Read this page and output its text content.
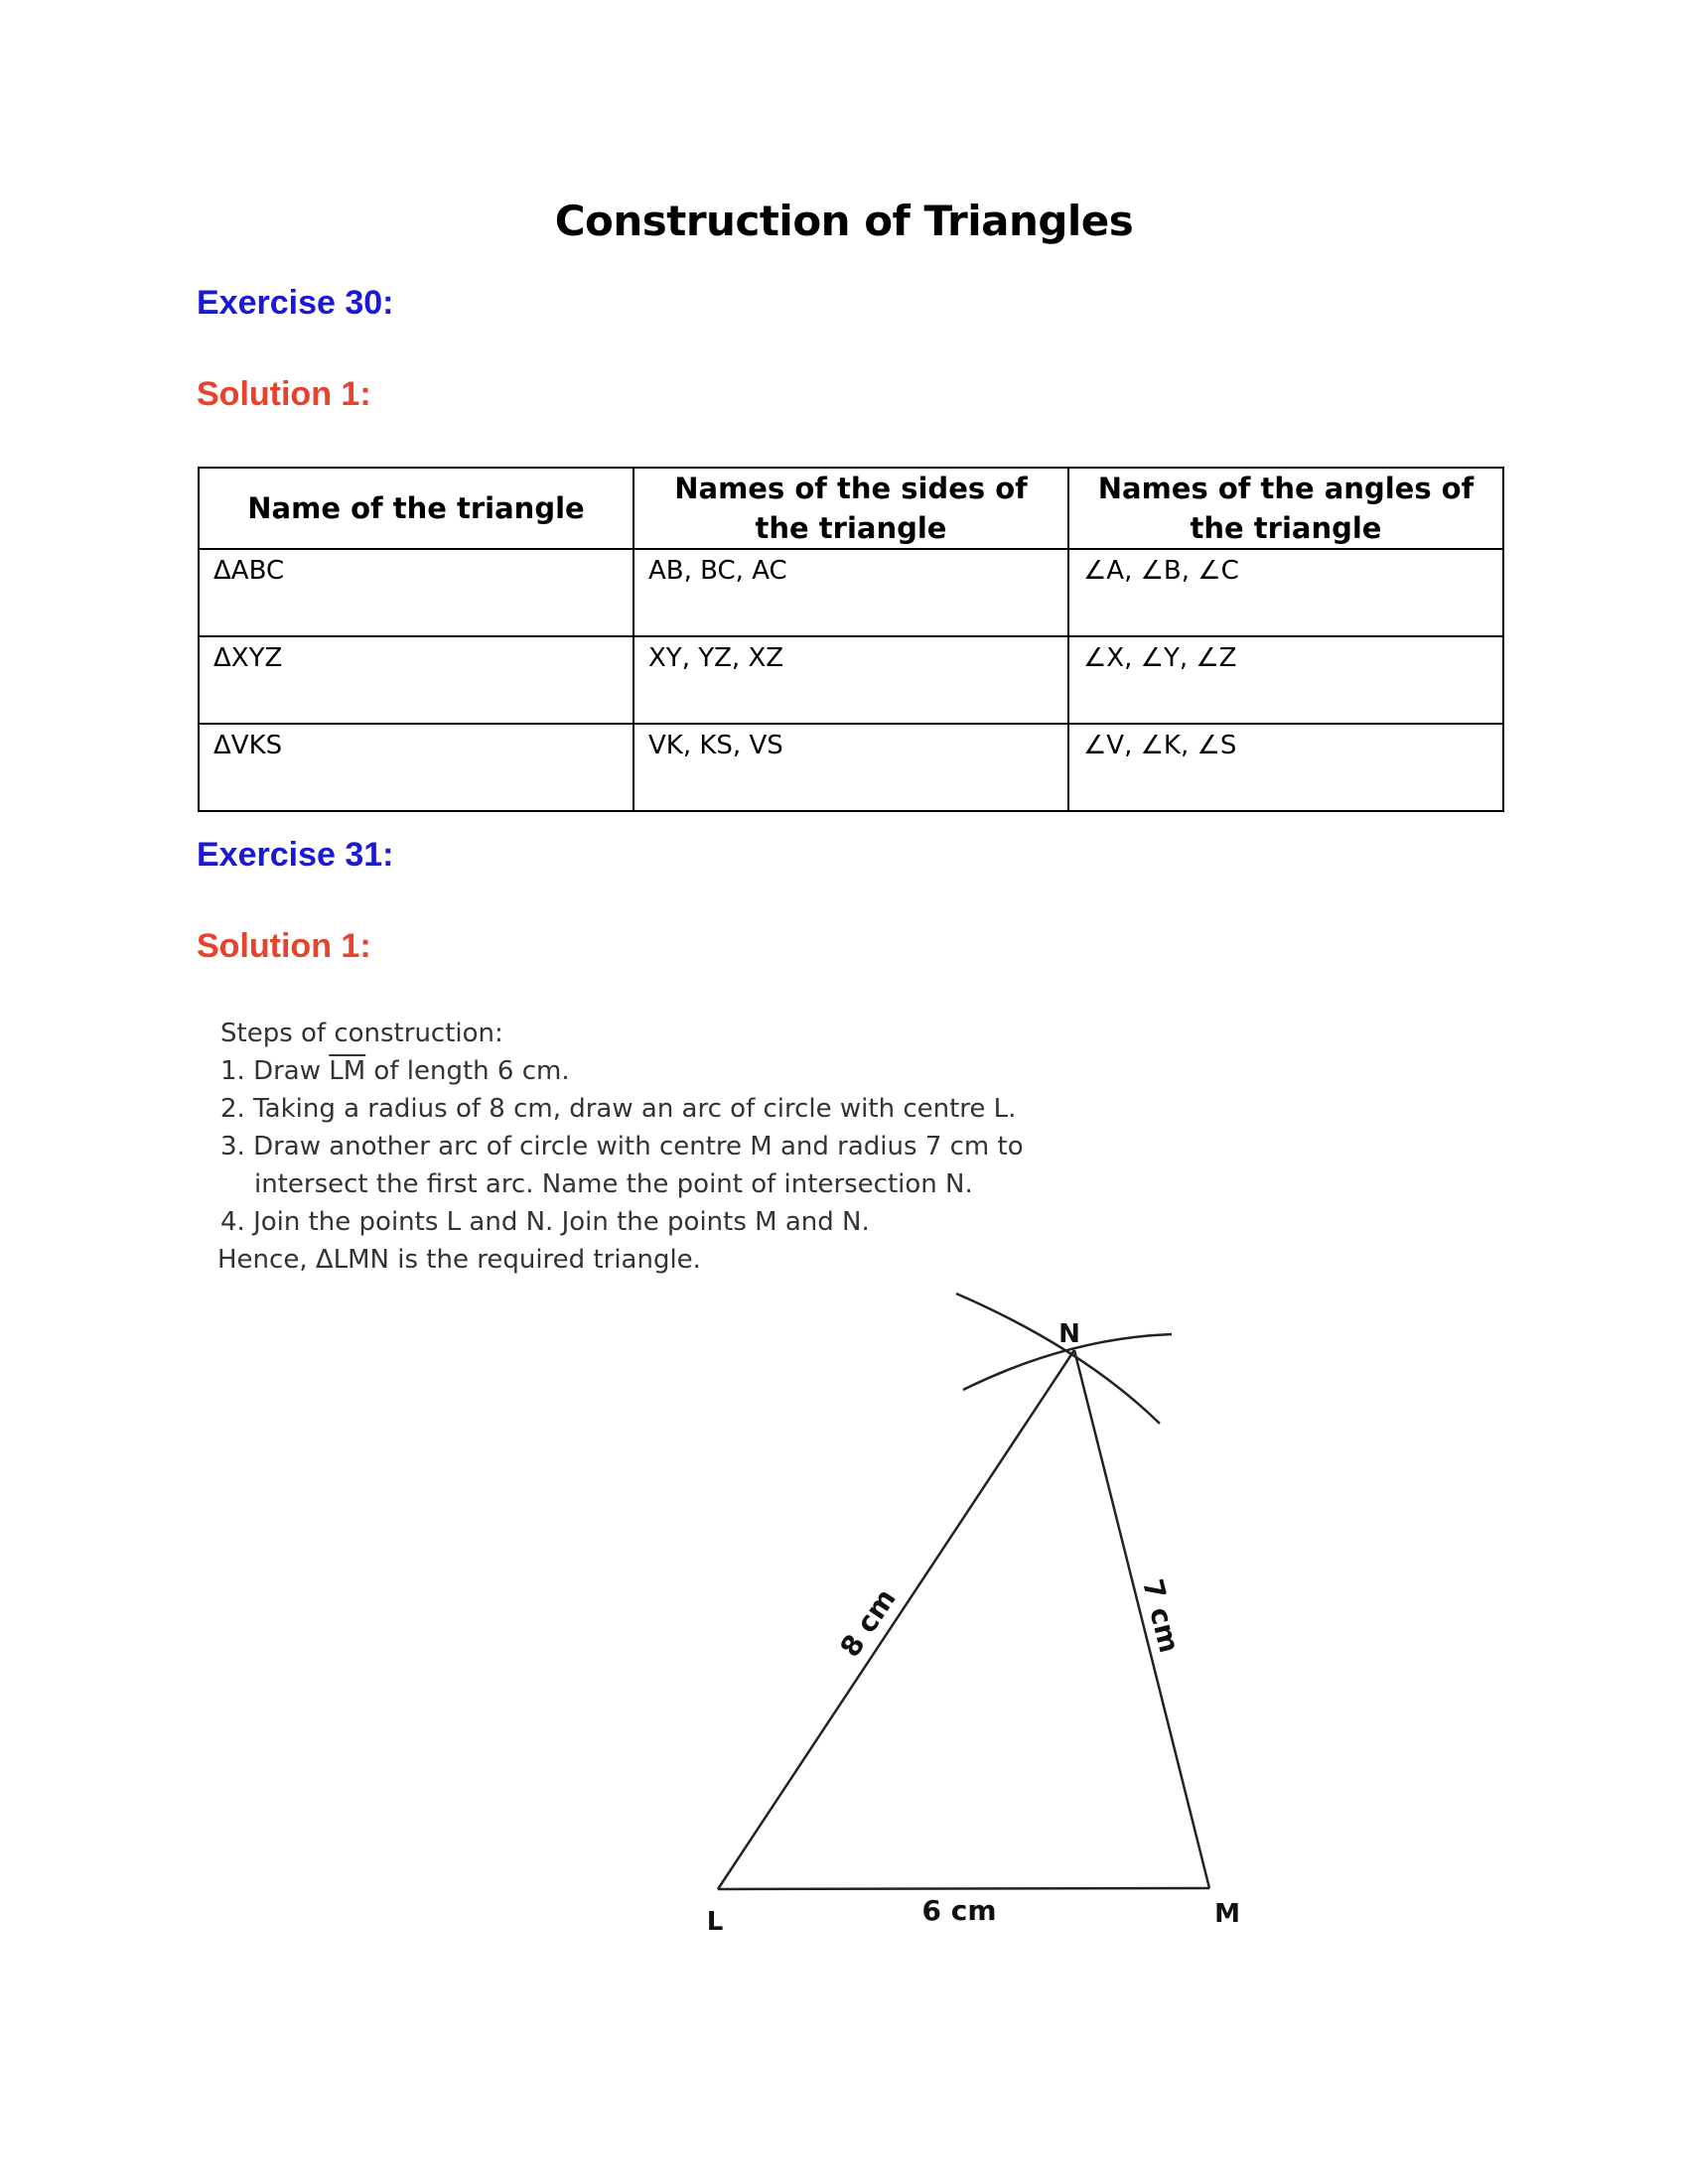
Construction of Triangles
Exercise 30:
Solution 1:
Name of the triangle	Names of the sides of the triangle	Names of the angles of the triangle
ΔABC	AB, BC, AC	∠A, ∠B, ∠C
ΔXYZ	XY, YZ, XZ	∠X, ∠Y, ∠Z
ΔVKS	VK, KS, VS	∠V, ∠K, ∠S
Exercise 31:
Solution 1:
Steps of construction:
1. Draw $\overline{LM}$ of length 6 cm.
2. Taking a radius of 8 cm, draw an arc of circle with centre L.
3. Draw another arc of circle with centre M and radius 7 cm to
intersect the first arc. Name the point of intersection N.
4. Join the points L and N. Join the points M and N.
Hence, ΔLMN is the required triangle.
N
L	M
6 cm
8 cm	7 cm
